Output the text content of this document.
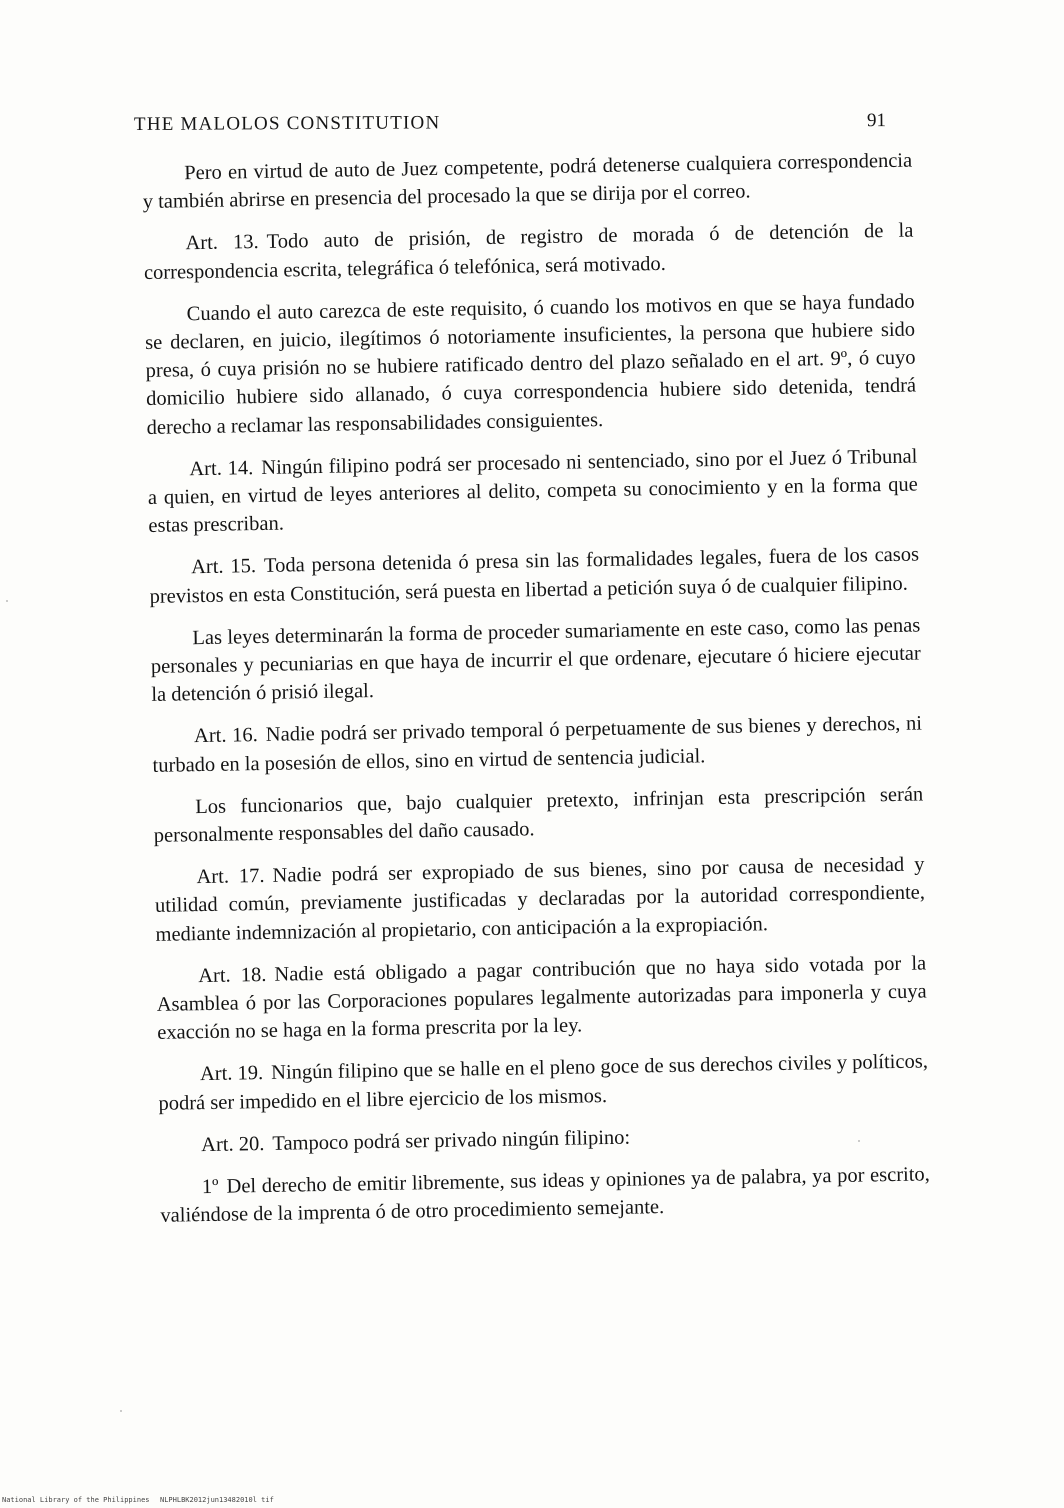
THE MALOLOS CONSTITUTION	91

Pero en virtud de auto de Juez competente, podrá detenerse cualquiera correspondencia y también abrirse en presencia del procesado la que se dirija por el correo.

Art. 13. Todo auto de prisión, de registro de morada ó de detención de la correspondencia escrita, telegráfica ó telefónica, será motivado.

Cuando el auto carezca de este requisito, ó cuando los motivos en que se haya fundado se declaren, en juicio, ilegítimos ó notoriamente insuficientes, la persona que hubiere sido presa, ó cuya prisión no se hubiere ratificado dentro del plazo señalado en el art. 9º, ó cuyo domicilio hubiere sido allanado, ó cuya correspondencia hubiere sido detenida, tendrá derecho a reclamar las responsabilidades consiguientes.

Art. 14. Ningún filipino podrá ser procesado ni sentenciado, sino por el Juez ó Tribunal a quien, en virtud de leyes anteriores al delito, competa su conocimiento y en la forma que estas prescriban.

Art. 15. Toda persona detenida ó presa sin las formalidades legales, fuera de los casos previstos en esta Constitución, será puesta en libertad a petición suya ó de cualquier filipino.

Las leyes determinarán la forma de proceder sumariamente en este caso, como las penas personales y pecuniarias en que haya de incurrir el que ordenare, ejecutare ó hiciere ejecutar la detención ó prisió ilegal.

Art. 16. Nadie podrá ser privado temporal ó perpetuamente de sus bienes y derechos, ni turbado en la posesión de ellos, sino en virtud de sentencia judicial.

Los funcionarios que, bajo cualquier pretexto, infrinjan esta prescripción serán personalmente responsables del daño causado.

Art. 17. Nadie podrá ser expropiado de sus bienes, sino por causa de necesidad y utilidad común, previamente justificadas y declaradas por la autoridad correspondiente, mediante indemnización al propietario, con anticipación a la expropiación.

Art. 18. Nadie está obligado a pagar contribución que no haya sido votada por la Asamblea ó por las Corporaciones populares legalmente autorizadas para imponerla y cuya exacción no se haga en la forma prescrita por la ley.

Art. 19. Ningún filipino que se halle en el pleno goce de sus derechos civiles y políticos, podrá ser impedido en el libre ejercicio de los mismos.

Art. 20. Tampoco podrá ser privado ningún filipino:

1º Del derecho de emitir libremente, sus ideas y opiniones ya de palabra, ya por escrito, valiéndose de la imprenta ó de otro procedimiento semejante.

National Library of the Philippines NLPHLBK2012jun13482010l tif
